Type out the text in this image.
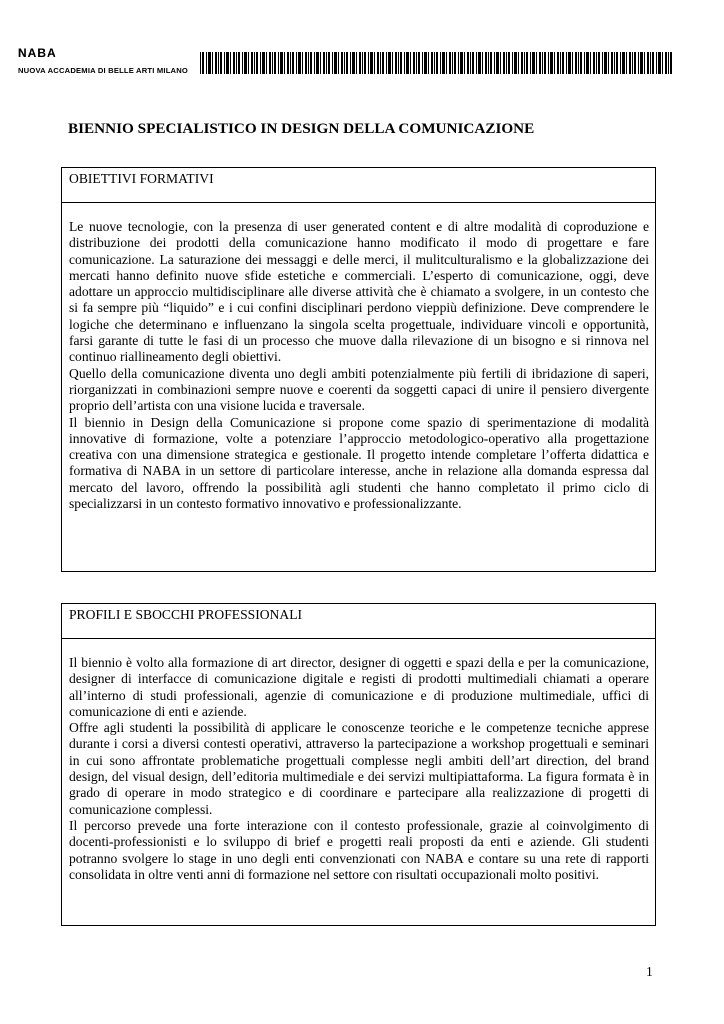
NABA
NUOVA ACCADEMIA DI BELLE ARTI MILANO
BIENNIO SPECIALISTICO IN DESIGN DELLA COMUNICAZIONE
OBIETTIVI FORMATIVI

Le nuove tecnologie, con la presenza di user generated content e di altre modalità di coproduzione e distribuzione dei prodotti della comunicazione hanno modificato il modo di progettare e fare comunicazione. La saturazione dei messaggi e delle merci, il mulitculturalismo e la globalizzazione dei mercati hanno definito nuove sfide estetiche e commerciali. L’esperto di comunicazione, oggi, deve adottare un approccio multidisciplinare alle diverse attività che è chiamato a svolgere, in un contesto che si fa sempre più “liquido” e i cui confini disciplinari perdono vieppiù definizione. Deve comprendere le logiche che determinano e influenzano la singola scelta progettuale, individuare vincoli e opportunità, farsi garante di tutte le fasi di un processo che muove dalla rilevazione di un bisogno e si rinnova nel continuo riallineamento degli obiettivi.

Quello della comunicazione diventa uno degli ambiti potenzialmente più fertili di ibridazione di saperi, riorganizzati in combinazioni sempre nuove e coerenti da soggetti capaci di unire il pensiero divergente proprio dell’artista con una visione lucida e traversale.

Il biennio in Design della Comunicazione si propone come spazio di sperimentazione di modalità innovative di formazione, volte a potenziare l’approccio metodologico-operativo alla progettazione creativa con una dimensione strategica e gestionale. Il progetto intende completare l’offerta didattica e formativa di NABA in un settore di particolare interesse, anche in relazione alla domanda espressa dal mercato del lavoro, offrendo la possibilità agli studenti che hanno completato il primo ciclo di specializzarsi in un contesto formativo innovativo e professionalizzante.

PROFILI E SBOCCHI PROFESSIONALI

Il biennio è volto alla formazione di art director, designer di oggetti e spazi della e per la comunicazione, designer di interfacce di comunicazione digitale e registi di prodotti multimediali chiamati a operare all’interno di studi professionali, agenzie di comunicazione e di produzione multimediale, uffici di comunicazione di enti e aziende.

Offre agli studenti la possibilità di applicare le conoscenze teoriche e le competenze tecniche apprese durante i corsi a diversi contesti operativi, attraverso la partecipazione a workshop progettuali e seminari in cui sono affrontate problematiche progettuali complesse negli ambiti dell’art direction, del brand design, del visual design, dell’editoria multimediale e dei servizi multipiattaforma. La figura formata è in grado di operare in modo strategico e di coordinare e partecipare alla realizzazione di progetti di comunicazione complessi.

Il percorso prevede una forte interazione con il contesto professionale, grazie al coinvolgimento di docenti-professionisti e lo sviluppo di brief e progetti reali proposti da enti e aziende. Gli studenti potranno svolgere lo stage in uno degli enti convenzionati con NABA e contare su una rete di rapporti consolidata in oltre venti anni di formazione nel settore con risultati occupazionali molto positivi.

1
